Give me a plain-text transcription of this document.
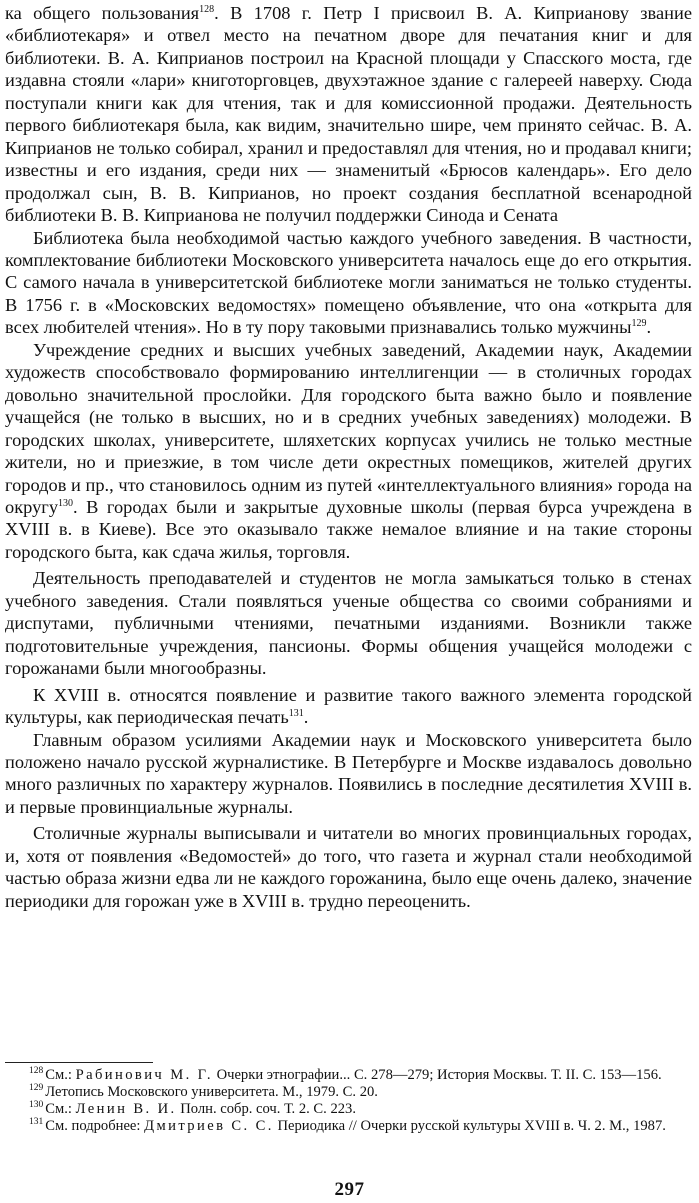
ка общего пользования$^{128}$. В 1708 г. Петр I присвоил В. А. Киприанову звание «библиотекаря» и отвел место на печатном дворе для печатания книг и для библиотеки. В. А. Киприанов построил на Красной площади у Спасского моста, где издавна стояли «лари» книготорговцев, двухэтажное здание с галереей наверху. Сюда поступали книги как для чтения, так и для комиссионной продажи. Деятельность первого библиотекаря была, как видим, значительно шире, чем принято сейчас. В. А. Киприанов не только собирал, хранил и предоставлял для чтения, но и продавал книги; известны и его издания, среди них — знаменитый «Брюсов календарь». Его дело продолжал сын, В. В. Киприанов, но проект создания бесплатной всенародной библиотеки В. В. Киприанова не получил поддержки Синода и Сената

Библиотека была необходимой частью каждого учебного заведения. В частности, комплектование библиотеки Московского университета началось еще до его открытия. С самого начала в университетской библиотеке могли заниматься не только студенты. В 1756 г. в «Московских ведомостях» помещено объявление, что она «открыта для всех любителей чтения». Но в ту пору таковыми признавались только мужчины$^{129}$.

Учреждение средних и высших учебных заведений, Академии наук, Академии художеств способствовало формированию интеллигенции — в столичных городах довольно значительной прослойки. Для городского быта важно было и появление учащейся (не только в высших, но и в средних учебных заведениях) молодежи. В городских школах, университете, шляхетских корпусах учились не только местные жители, но и приезжие, в том числе дети окрестных помещиков, жителей других городов и пр., что становилось одним из путей «интеллектуального влияния» города на округу$^{130}$. В городах были и закрытые духовные школы (первая бурса учреждена в XVIII в. в Киеве). Все это оказывало также немалое влияние и на такие стороны городского быта, как сдача жилья, торговля.

Деятельность преподавателей и студентов не могла замыкаться только в стенах учебного заведения. Стали появляться ученые общества со своими собраниями и диспутами, публичными чтениями, печатными изданиями. Возникли также подготовительные учреждения, пансионы. Формы общения учащейся молодежи с горожанами были многообразны.

К XVIII в. относятся появление и развитие такого важного элемента городской культуры, как периодическая печать$^{131}$.

Главным образом усилиями Академии наук и Московского университета было положено начало русской журналистике. В Петербурге и Москве издавалось довольно много различных по характеру журналов. Появились в последние десятилетия XVIII в. и первые провинциальные журналы.

Столичные журналы выписывали и читатели во многих провинциальных городах, и, хотя от появления «Ведомостей» до того, что газета и журнал стали необходимой частью образа жизни едва ли не каждого горожанина, было еще очень далеко, значение периодики для горожан уже в XVIII в. трудно переоценить.

$^{128}$ См.: Рабинович М. Г. Очерки этнографии... С. 278—279; История Москвы. Т. II. С. 153—156.

$^{129}$ Летопись Московского университета. М., 1979. С. 20.

$^{130}$ См.: Ленин В. И. Полн. собр. соч. Т. 2. С. 223.

$^{131}$ См. подробнее: Дмитриев С. С. Периодика // Очерки русской культуры XVIII в. Ч. 2. М., 1987.

297
